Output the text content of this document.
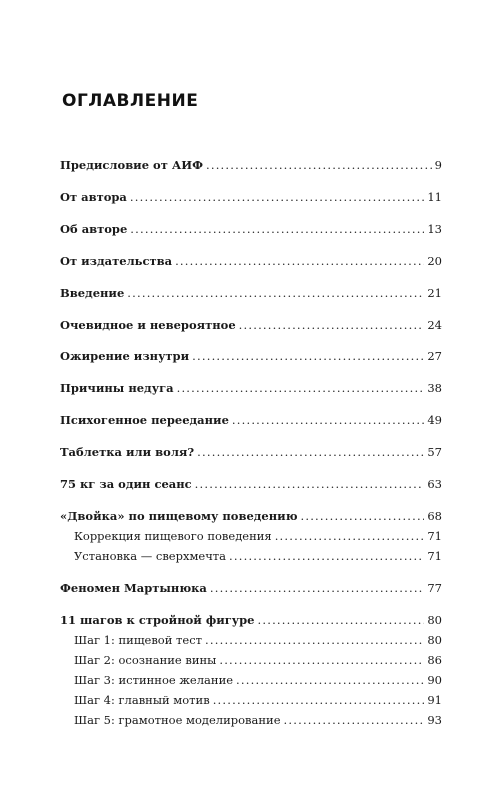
ОГЛАВЛЕНИЕ
Предисловие от АИФ .....	9
От автора .....	11
Об авторе .....	13
От издательства .....	20
Введение .....	21
Очевидное и невероятное .....	24
Ожирение изнутри .....	27
Причины недуга .....	38
Психогенное переедание .....	49
Таблетка или воля? .....	57
75 кг за один сеанс .....	63
«Двойка» по пищевому поведению .....	68
Коррекция пищевого поведения .....	71
Установка — сверхмечта .....	71
Феномен Мартынюка .....	77
11 шагов к стройной фигуре .....	80
Шаг 1: пищевой тест .....	80
Шаг 2: осознание вины .....	86
Шаг 3: истинное желание .....	90
Шаг 4: главный мотив .....	91
Шаг 5: грамотное моделирование .....	93
